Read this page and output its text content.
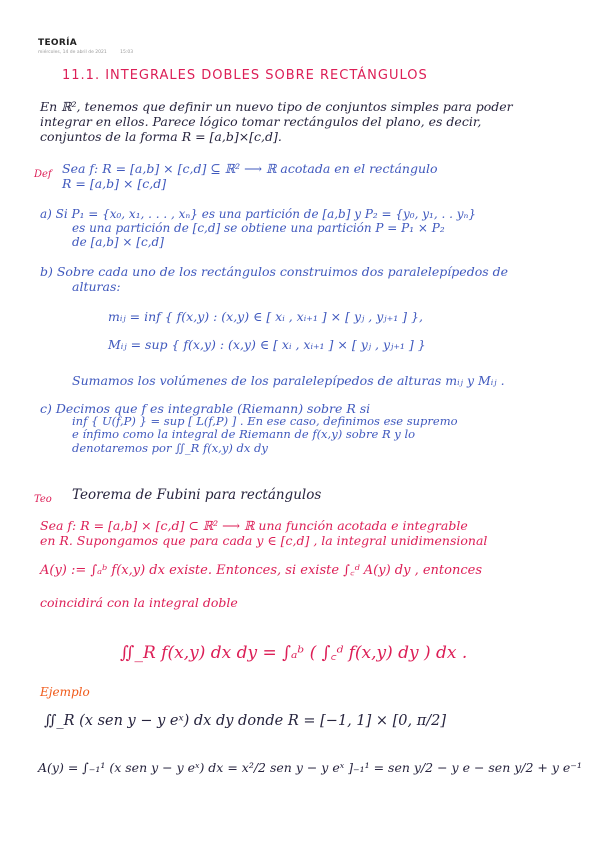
TEORÍA
miércoles, 14 de abril de 2021	15:03
11.1. INTEGRALES DOBLES SOBRE RECTÁNGULOS
En ℝ², tenemos que definir un nuevo tipo de conjuntos simples para poder
integrar en ellos. Parece lógico tomar rectángulos del plano, es decir,
conjuntos de la forma R = [a,b]×[c,d].
Def Sea f: R = [a,b] × [c,d] ⊆ ℝ² ⟶ ℝ acotada en el rectángulo
R = [a,b] × [c,d]
a) Si P₁ = {x₀, x₁, . . . , xₙ} es una partición de [a,b] y P₂ = {y₀, y₁, . . yₙ}
es una partición de [c,d] se obtiene una partición P = P₁ × P₂
de [a,b] × [c,d]
b) Sobre cada uno de los rectángulos construimos dos paralelepípedos de
alturas:
mᵢⱼ = inf { f(x,y) : (x,y) ∈ [ xᵢ , xᵢ₊₁ ] × [ yⱼ , yⱼ₊₁ ] },
Mᵢⱼ = sup { f(x,y) : (x,y) ∈ [ xᵢ , xᵢ₊₁ ] × [ yⱼ , yⱼ₊₁ ] }
Sumamos los volúmenes de los paralelepípedos de alturas mᵢⱼ y Mᵢⱼ .
c) Decimos que f es integrable (Riemann) sobre R si
inf { U(f,P) } = sup [ L(f,P) ] . En ese caso, definimos ese supremo
e ínfimo como la integral de Riemann de f(x,y) sobre R y lo
denotaremos por ∬_R f(x,y) dx dy
Teo Teorema de Fubini para rectángulos
Sea f: R = [a,b] × [c,d] ⊂ ℝ² ⟶ ℝ una función acotada e integrable
en R. Supongamos que para cada y ∈ [c,d] , la integral unidimensional
A(y) := ∫ₐᵇ f(x,y) dx existe. Entonces, si existe ∫꜀ᵈ A(y) dy , entonces
coincidirá con la integral doble
∬_R f(x,y) dx dy = ∫ₐᵇ ( ∫꜀ᵈ f(x,y) dy ) dx .
Ejemplo
∬_R (x sen y − y eˣ) dx dy donde R = [−1, 1] × [0, π/2]
A(y) = ∫₋₁¹ (x sen y − y eˣ) dx = x²/2 sen y − y eˣ ]₋₁¹ = sen y/2 − y e − sen y/2 + y e⁻¹
